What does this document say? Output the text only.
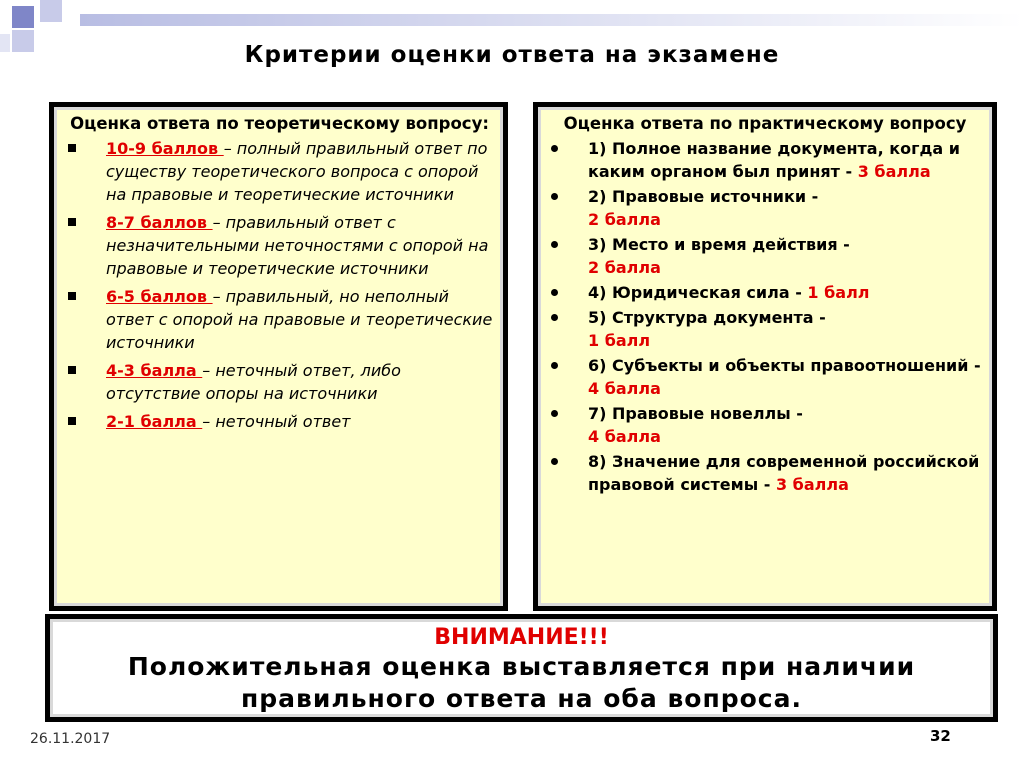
Критерии оценки ответа на экзамене
Оценка ответа по теоретическому вопросу:
10-9 баллов – полный правильный ответ по существу теоретического вопроса с опорой на правовые и теоретические источники
8-7 баллов – правильный ответ с незначительными неточностями с опорой на правовые и теоретические источники
6-5 баллов – правильный, но неполный ответ с опорой на правовые и теоретические источники
4-3 балла – неточный ответ, либо отсутствие опоры на источники
2-1 балла – неточный ответ
Оценка ответа по практическому вопросу
1) Полное название документа, когда и каким органом был принят - 3 балла
2) Правовые источники -
2 балла
3) Место и время действия -
2 балла
4) Юридическая сила - 1 балл
5) Структура документа -
1 балл
6) Субъекты и объекты правоотношений - 4 балла
7) Правовые новеллы -
4 балла
8) Значение для современной российской правовой системы - 3 балла
ВНИМАНИЕ!!!
Положительная оценка выставляется при наличии правильного ответа на оба вопроса.
26.11.2017	32
